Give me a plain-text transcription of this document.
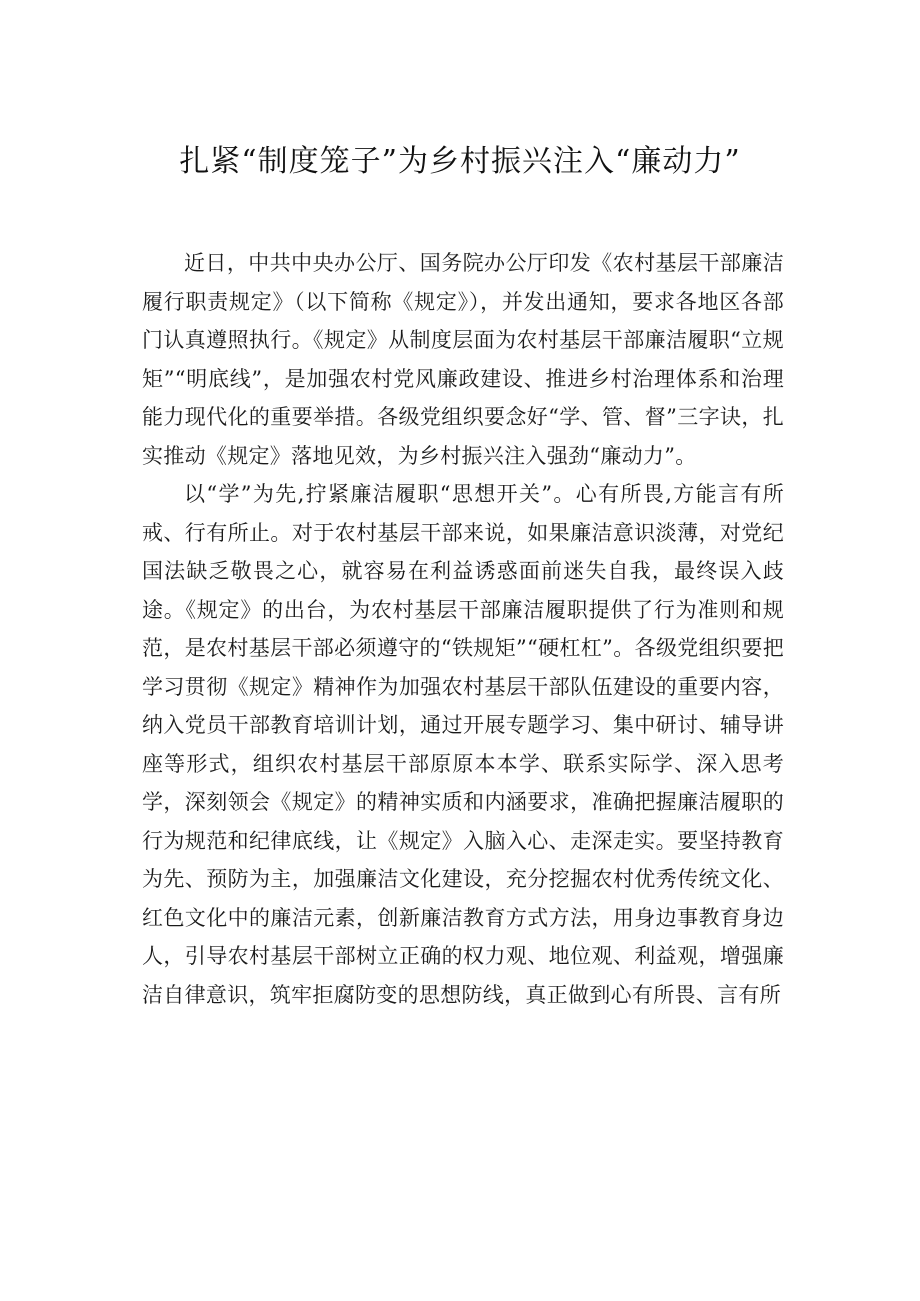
扎紧“制度笼子”为乡村振兴注入“廉动力”

近日，中共中央办公厅、国务院办公厅印发《农村基层干部廉洁履行职责规定》（以下简称《规定》），并发出通知，要求各地区各部门认真遵照执行。《规定》从制度层面为农村基层干部廉洁履职“立规矩”“明底线”，是加强农村党风廉政建设、推进乡村治理体系和治理能力现代化的重要举措。各级党组织要念好“学、管、督”三字诀，扎实推动《规定》落地见效，为乡村振兴注入强劲“廉动力”。

以“学”为先,拧紧廉洁履职“思想开关”。心有所畏,方能言有所戒、行有所止。对于农村基层干部来说，如果廉洁意识淡薄，对党纪国法缺乏敬畏之心，就容易在利益诱惑面前迷失自我，最终误入歧途。《规定》的出台，为农村基层干部廉洁履职提供了行为准则和规范，是农村基层干部必须遵守的“铁规矩”“硬杠杠”。各级党组织要把学习贯彻《规定》精神作为加强农村基层干部队伍建设的重要内容，纳入党员干部教育培训计划，通过开展专题学习、集中研讨、辅导讲座等形式，组织农村基层干部原原本本学、联系实际学、深入思考学，深刻领会《规定》的精神实质和内涵要求，准确把握廉洁履职的行为规范和纪律底线，让《规定》入脑入心、走深走实。要坚持教育为先、预防为主，加强廉洁文化建设，充分挖掘农村优秀传统文化、红色文化中的廉洁元素，创新廉洁教育方式方法，用身边事教育身边人，引导农村基层干部树立正确的权力观、地位观、利益观，增强廉洁自律意识，筑牢拒腐防变的思想防线，真正做到心有所畏、言有所
